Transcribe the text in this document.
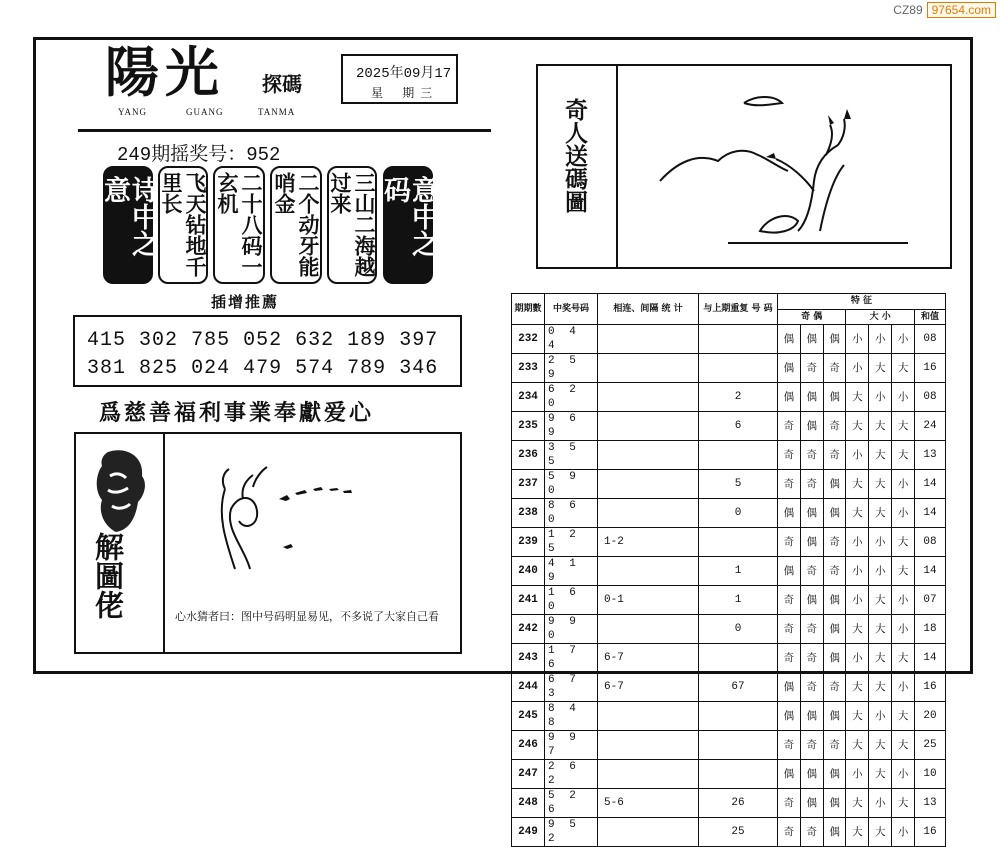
CZ89 97654.com
陽光 探碼
YANG	GUANG	TANMA
2025年09月17
星 期三
249期摇奖号：952
诗中之意	飞天钻地千里长	二十八码一玄机	二个动牙能哨金	三山二海越过来	意中之码
插增推薦
415 302 785 052 632 189 397
381 825 024 479 574 789 346
爲慈善福利事業奉獻爱心
解圖佬	心水猜者曰：图中号码明显易见，不多说了大家自己看
奇人送碼圖
期期數	中奖号码	相连、间隔 统 计	与上期重复 号 码	特 征						
				奇 偶			大 小			和值
232	0 4 4			偶	偶	偶	小	小	小	08
233	2 5 9			偶	奇	奇	小	大	大	16
234	6 2 0		2	偶	偶	偶	大	小	小	08
235	9 6 9		6	奇	偶	奇	大	大	大	24
236	3 5 5			奇	奇	奇	小	大	大	13
237	5 9 0		5	奇	奇	偶	大	大	小	14
238	8 6 0		0	偶	偶	偶	大	大	小	14
239	1 2 5	1-2		奇	偶	奇	小	小	大	08
240	4 1 9		1	偶	奇	奇	小	小	大	14
241	1 6 0	0-1	1	奇	偶	偶	小	大	小	07
242	9 9 0		0	奇	奇	偶	大	大	小	18
243	1 7 6	6-7		奇	奇	偶	小	大	大	14
244	6 7 3	6-7	67	偶	奇	奇	大	大	小	16
245	8 4 8			偶	偶	偶	大	小	大	20
246	9 9 7			奇	奇	奇	大	大	大	25
247	2 6 2			偶	偶	偶	小	大	小	10
248	5 2 6	5-6	26	奇	偶	偶	大	小	大	13
249	9 5 2		25	奇	奇	偶	大	大	小	16
